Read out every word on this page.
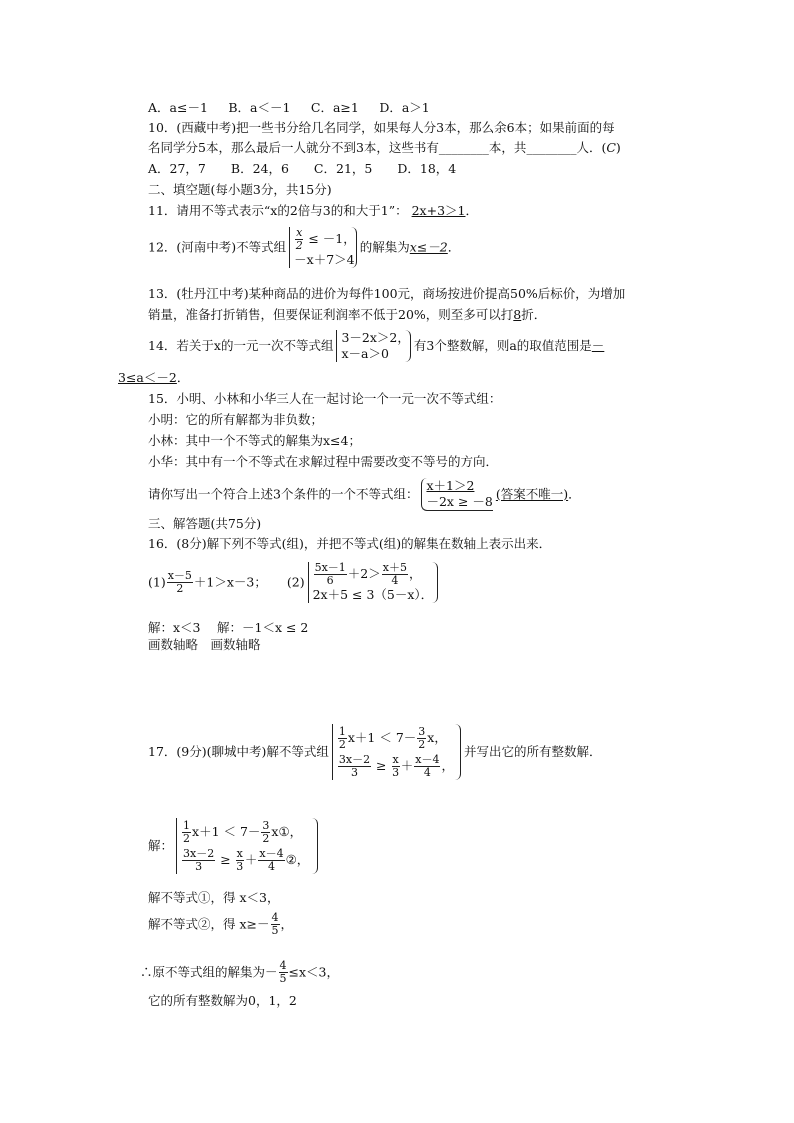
A．a≤－1  B．a＜－1  C．a≥1  D．a＞1
10．(西藏中考)把一些书分给几名同学，如果每人分3本，那么余6本；如果前面的每
名同学分5本，那么最后一人就分不到3本，这些书有________本，共________人．(C)
A．27，7　　B．24，6　　C．21，5　　D．18，4
二、填空题(每小题3分，共15分)
11．请用不等式表示“x的2倍与3的和大于1”： 2x+3＞1．
12．(河南中考)不等式组 $\frac{x}{2} \le -1$，
－x＋7＞4
的解集为x≤－2．
13．(牡丹江中考)某种商品的进价为每件100元，商场按进价提高50%后标价，为增加
销量，准备打折销售，但要保证利润率不低于20%，则至多可以打8折．
14．若关于x的一元一次不等式组
3－2x＞2，
x－a＞0
有3个整数解，则a的取值范围是－
3≤a＜－2．
15．小明、小林和小华三人在一起讨论一个一元一次不等式组：
小明：它的所有解都为非负数；
小林：其中一个不等式的解集为x≤4；
小华：其中有一个不等式在求解过程中需要改变不等号的方向．
请你写出一个符合上述3个条件的一个不等式组： $\frac{x+1>2}{-2x \ge -8}$ (答案不唯一)．
三、解答题(共75分)
16．(8分)解下列不等式(组)，并把不等式(组)的解集在数轴上表示出来．
$(1) \frac{x-5}{2} +1>x-3$； $(2) \frac{5x-1}{6} +2> \frac{x+5}{4}$ ，
2x＋5 ≤ 3（5－x）．
解：x＜3  解：－1＜x ≤ 2
画数轴略  画数轴略
17．(9分)(聊城中考)解不等式组
$\frac{1}{2} x+1 < 7- \frac{3}{2}$ x，
$\frac{3x-2}{3} \ge \frac{x}{3} + \frac{x-4}{4}$ ，
并写出它的所有整数解．
解：
$\frac{1}{2} x+1 < 7- \frac{3}{2}$ x①，
$\frac{3x-2}{3} \ge \frac{x}{3} + \frac{x-4}{4}$ ②，
解不等式①，得 x＜3，
解不等式②，得 $x\ge- \frac{4}{5}$ ，
∴原不等式组的解集为－ $\frac{4}{5} \le x<3$，
它的所有整数解为0，1，2
